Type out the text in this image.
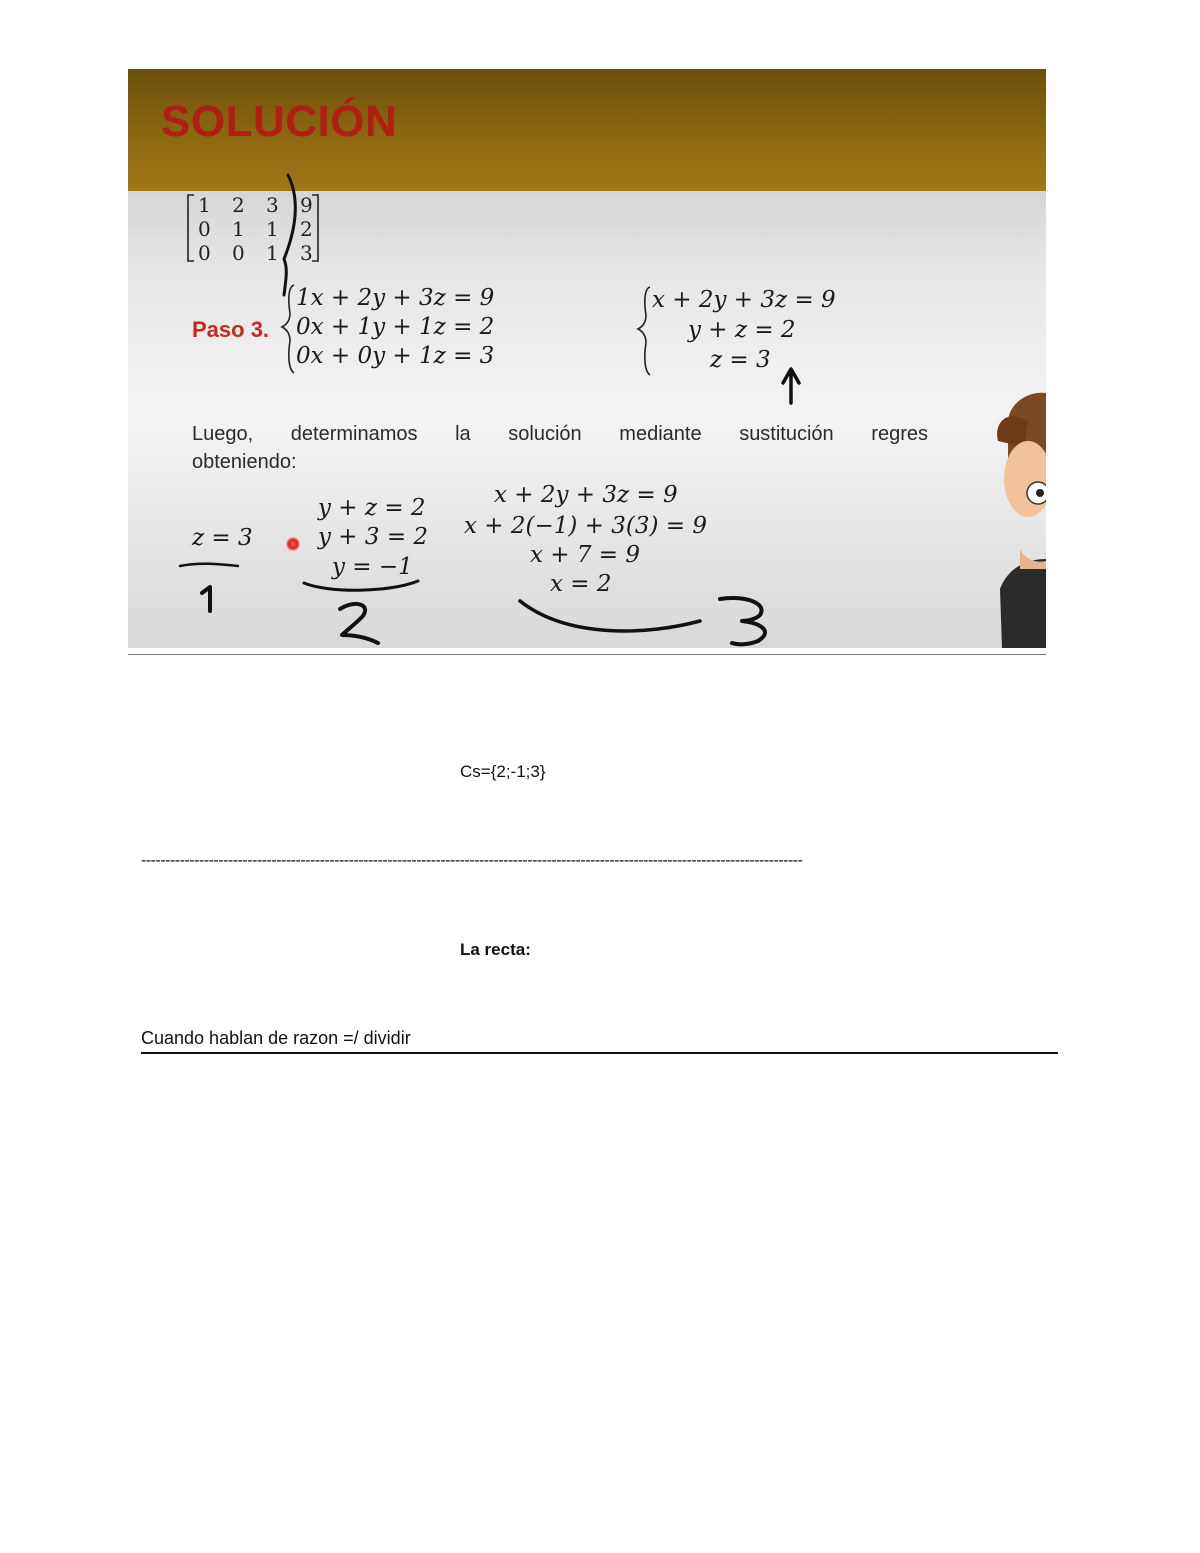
SOLUCIÓN
1 2 3 9
0 1 1 2
0 0 1 3
Paso 3.
1x + 2y + 3z = 9
0x + 1y + 1z = 2
0x + 0y + 1z = 3
x + 2y + 3z = 9
y + z = 2
z = 3
Luego, determinamos la solución mediante sustitución regres
obteniendo:
z = 3
y + z = 2
y + 3 = 2
y = −1
x + 2y + 3z = 9
x + 2(−1) + 3(3) = 9
x + 7 = 9
x = 2
Cs={2;-1;3}
-----------------------------------------------------------------------------------------------------------------------------------------
La recta:
Cuando hablan de razon =/ dividir
